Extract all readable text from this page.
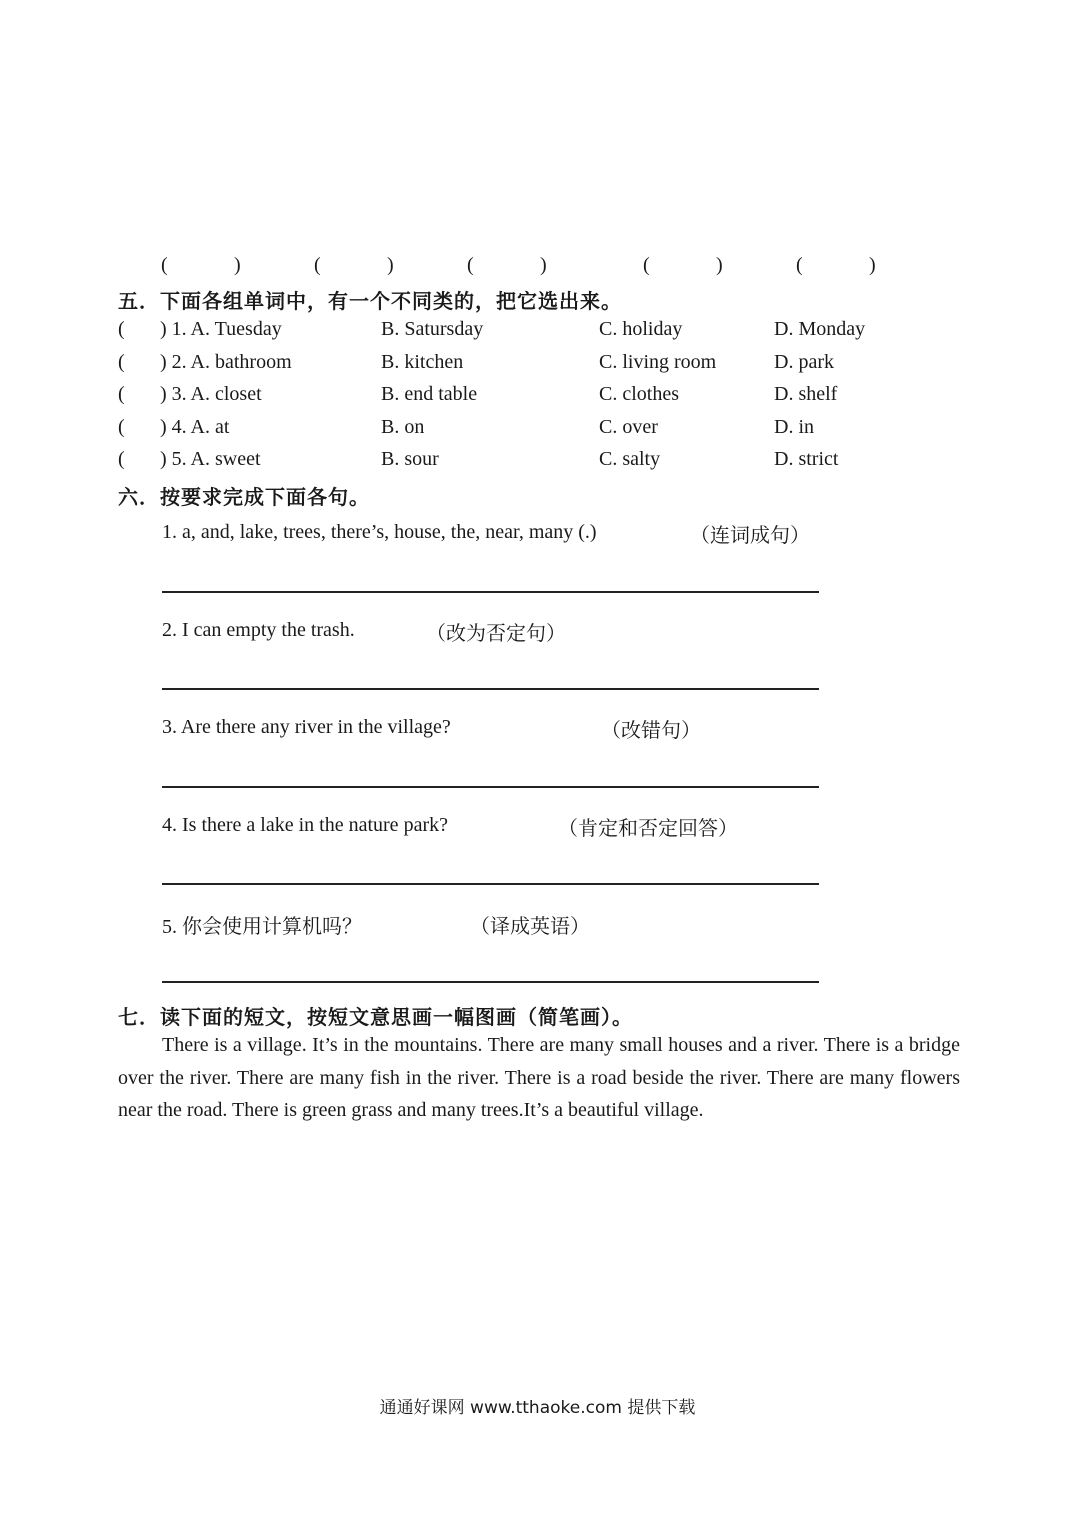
(	)	(	)	(	)	(	)	(	)
五．下面各组单词中，有一个不同类的，把它选出来。
( ) 1. A. Tuesday	B. Satursday	C. holiday	D. Monday
( ) 2. A. bathroom	B. kitchen	C. living room	D. park
( ) 3. A. closet	B. end table	C. clothes	D. shelf
( ) 4. A. at	B. on	C. over	D. in
( ) 5. A. sweet	B. sour	C. salty	D. strict
六．按要求完成下面各句。
1. a, and, lake, trees, there’s, house, the, near, many (.)	（连词成句）
2. I can empty the trash.	（改为否定句）
3. Are there any river in the village?	（改错句）
4. Is there a lake in the nature park?	（肯定和否定回答）
5. 你会使用计算机吗？	（译成英语）
七．读下面的短文，按短文意思画一幅图画（简笔画）。
There is a village. It’s in the mountains. There are many small houses and a river. There is a bridge over the river. There are many fish in the river. There is a road beside the river. There are many flowers near the road. There is green grass and many trees.It’s a beautiful village.
通通好课网 www.tthaoke.com 提供下载
